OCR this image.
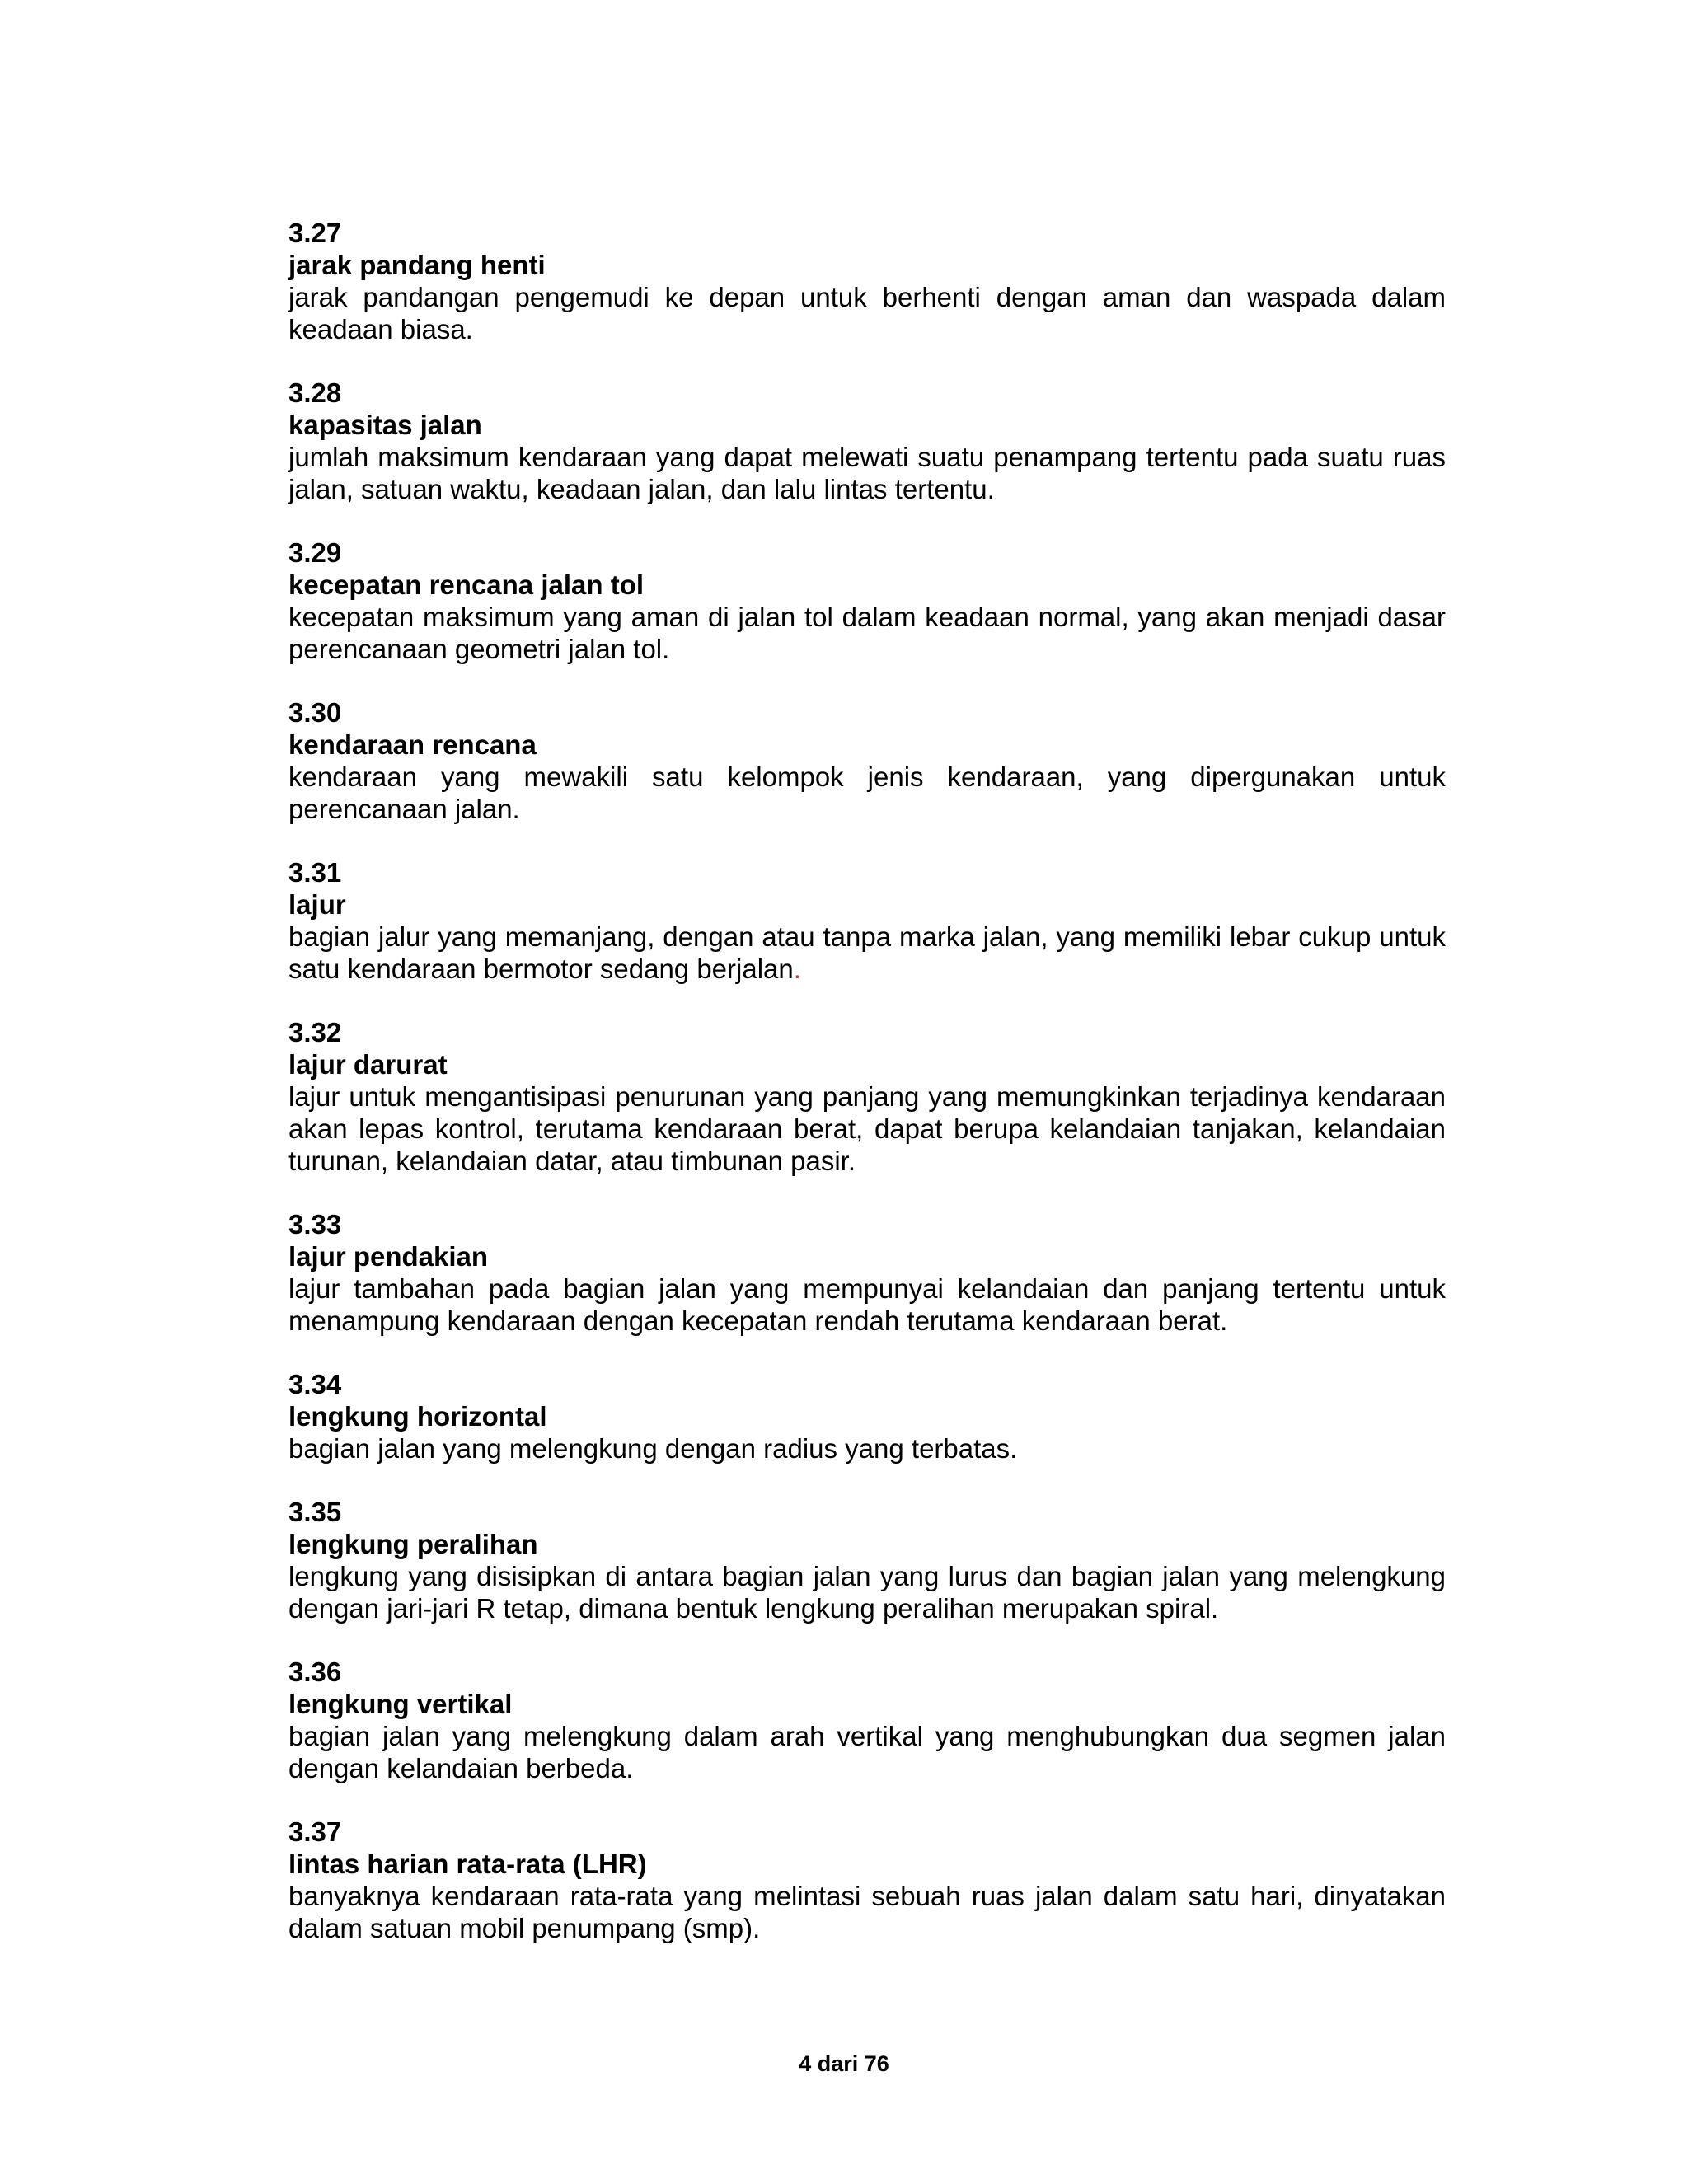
3.27

jarak pandang henti

jarak pandangan pengemudi ke depan untuk berhenti dengan aman dan waspada dalam keadaan biasa.

3.28

kapasitas jalan

jumlah maksimum kendaraan yang dapat melewati suatu penampang tertentu pada suatu ruas jalan, satuan waktu, keadaan jalan, dan lalu lintas tertentu.

3.29

kecepatan rencana jalan tol

kecepatan maksimum yang aman di jalan tol dalam keadaan normal, yang akan menjadi dasar perencanaan geometri jalan tol.

3.30

kendaraan rencana

kendaraan yang mewakili satu kelompok jenis kendaraan, yang dipergunakan untuk perencanaan jalan.

3.31

lajur

bagian jalur yang memanjang, dengan atau tanpa marka jalan, yang memiliki lebar cukup untuk satu kendaraan bermotor sedang berjalan.

3.32

lajur darurat

lajur untuk mengantisipasi penurunan yang panjang yang memungkinkan terjadinya kendaraan akan lepas kontrol, terutama kendaraan berat, dapat berupa kelandaian tanjakan, kelandaian turunan, kelandaian datar, atau timbunan pasir.

3.33

lajur pendakian

lajur tambahan pada bagian jalan yang mempunyai kelandaian dan panjang tertentu untuk menampung kendaraan dengan kecepatan rendah terutama kendaraan berat.

3.34

lengkung horizontal

bagian jalan yang melengkung dengan radius yang terbatas.

3.35

lengkung peralihan

lengkung yang disisipkan di antara bagian jalan yang lurus dan bagian jalan yang melengkung dengan jari-jari R tetap, dimana bentuk lengkung peralihan merupakan spiral.

3.36

lengkung vertikal

bagian jalan yang melengkung dalam arah vertikal yang menghubungkan dua segmen jalan dengan kelandaian berbeda.

3.37

lintas harian rata-rata (LHR)

banyaknya kendaraan rata-rata yang melintasi sebuah ruas jalan dalam satu hari, dinyatakan dalam satuan mobil penumpang (smp).

4 dari 76
